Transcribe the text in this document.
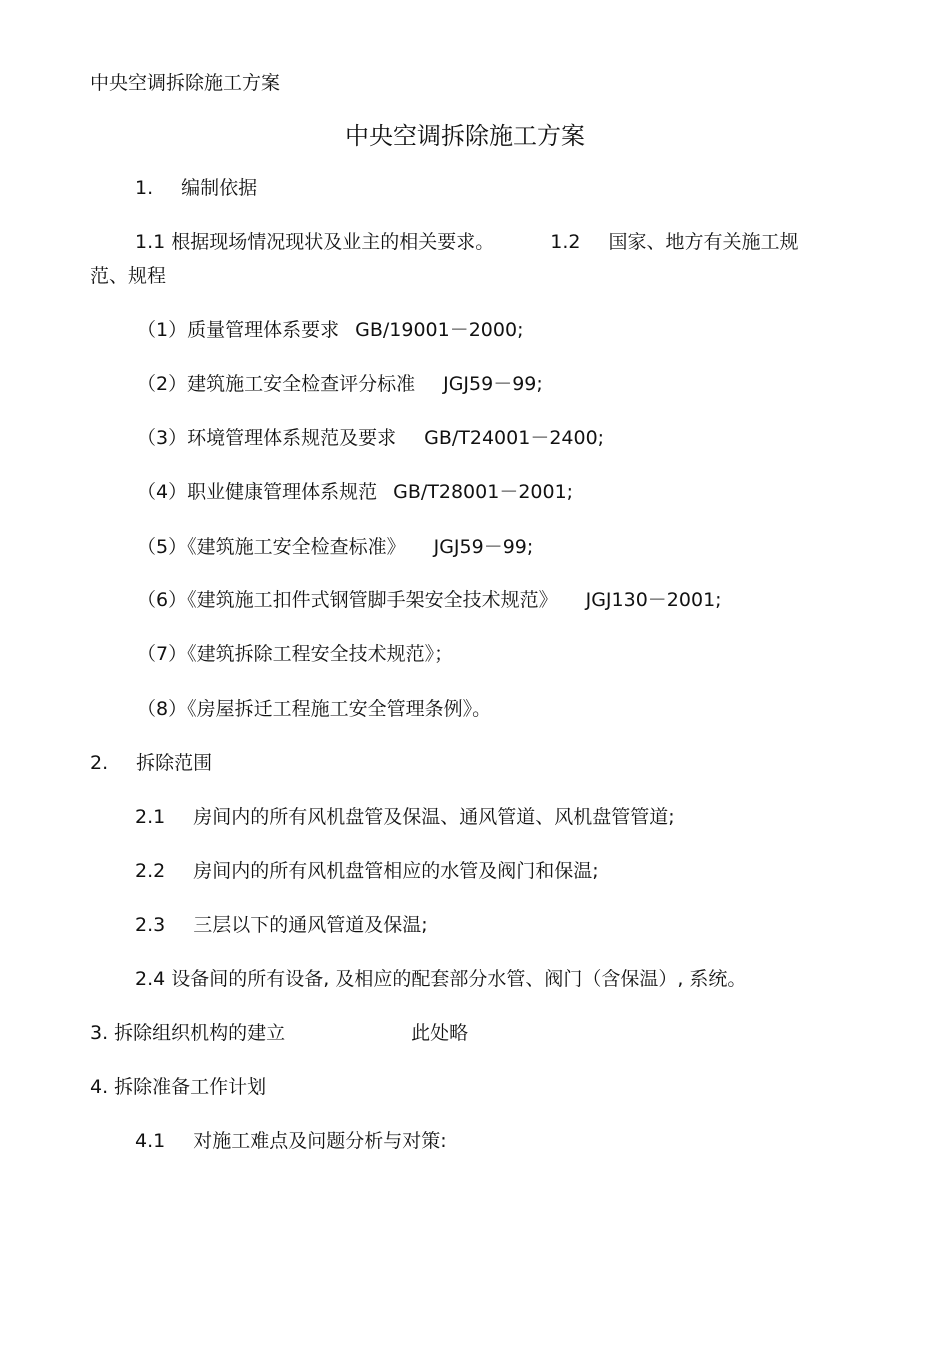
中央空调拆除施工方案
中央空调拆除施工方案
1. 编制依据
1.1 根据现场情况现状及业主的相关要求。	1.2 国家、地方有关施工规
范、规程
（1）质量管理体系要求 GB/19001－2000;
（2）建筑施工安全检查评分标准 JGJ59－99;
（3）环境管理体系规范及要求 GB/T24001－2400;
（4）职业健康管理体系规范 GB/T28001－2001;
（5）《建筑施工安全检查标准》 JGJ59－99;
（6）《建筑施工扣件式钢管脚手架安全技术规范》 JGJ130－2001;
（7）《建筑拆除工程安全技术规范》；
（8）《房屋拆迁工程施工安全管理条例》。
2. 拆除范围
2.1 房间内的所有风机盘管及保温、通风管道、风机盘管管道;
2.2 房间内的所有风机盘管相应的水管及阀门和保温;
2.3 三层以下的通风管道及保温;
2.4 设备间的所有设备, 及相应的配套部分水管、阀门（含保温）, 系统。
3. 拆除组织机构的建立	此处略
4. 拆除准备工作计划
4.1 对施工难点及问题分析与对策:
